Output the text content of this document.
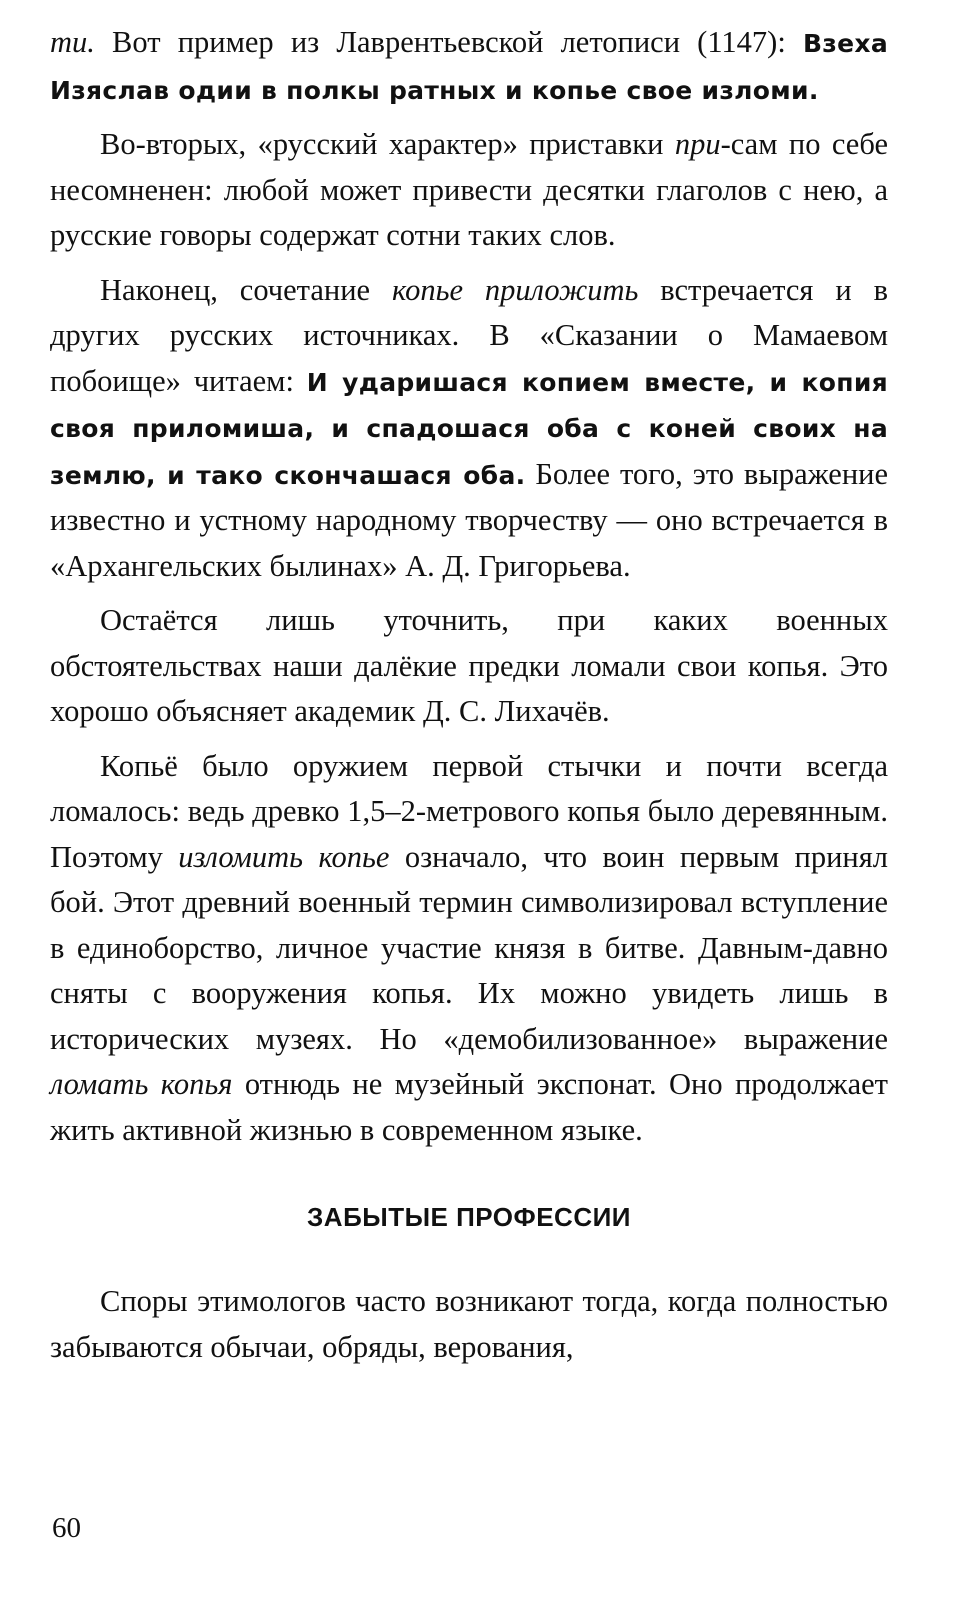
ти. Вот пример из Лаврентьевской летописи (1147): Взеха Изяслав одии в полкы ратных и копье свое изломи.

Во-вторых, «русский характер» приставки при-сам по себе несомненен: любой может привести десятки глаголов с нею, а русские говоры содержат сотни таких слов.

Наконец, сочетание копье приложить встречается и в других русских источниках. В «Сказании о Мамаевом побоище» читаем: И ударишася копием вместе, и копия своя приломиша, и спадошася оба с коней своих на землю, и тако скончашася оба. Более того, это выражение известно и устному народному творчеству — оно встречается в «Архангельских былинах» А. Д. Григорьева.

Остаётся лишь уточнить, при каких военных обстоятельствах наши далёкие предки ломали свои копья. Это хорошо объясняет академик Д. С. Лихачёв.

Копьё было оружием первой стычки и почти всегда ломалось: ведь древко 1,5–2-метрового копья было деревянным. Поэтому изломить копье означало, что воин первым принял бой. Этот древний военный термин символизировал вступление в единоборство, личное участие князя в битве. Давным-давно сняты с вооружения копья. Их можно увидеть лишь в исторических музеях. Но «демобилизованное» выражение ломать копья отнюдь не музейный экспонат. Оно продолжает жить активной жизнью в современном языке.

ЗАБЫТЫЕ ПРОФЕССИИ

Споры этимологов часто возникают тогда, когда полностью забываются обычаи, обряды, верования,

60
